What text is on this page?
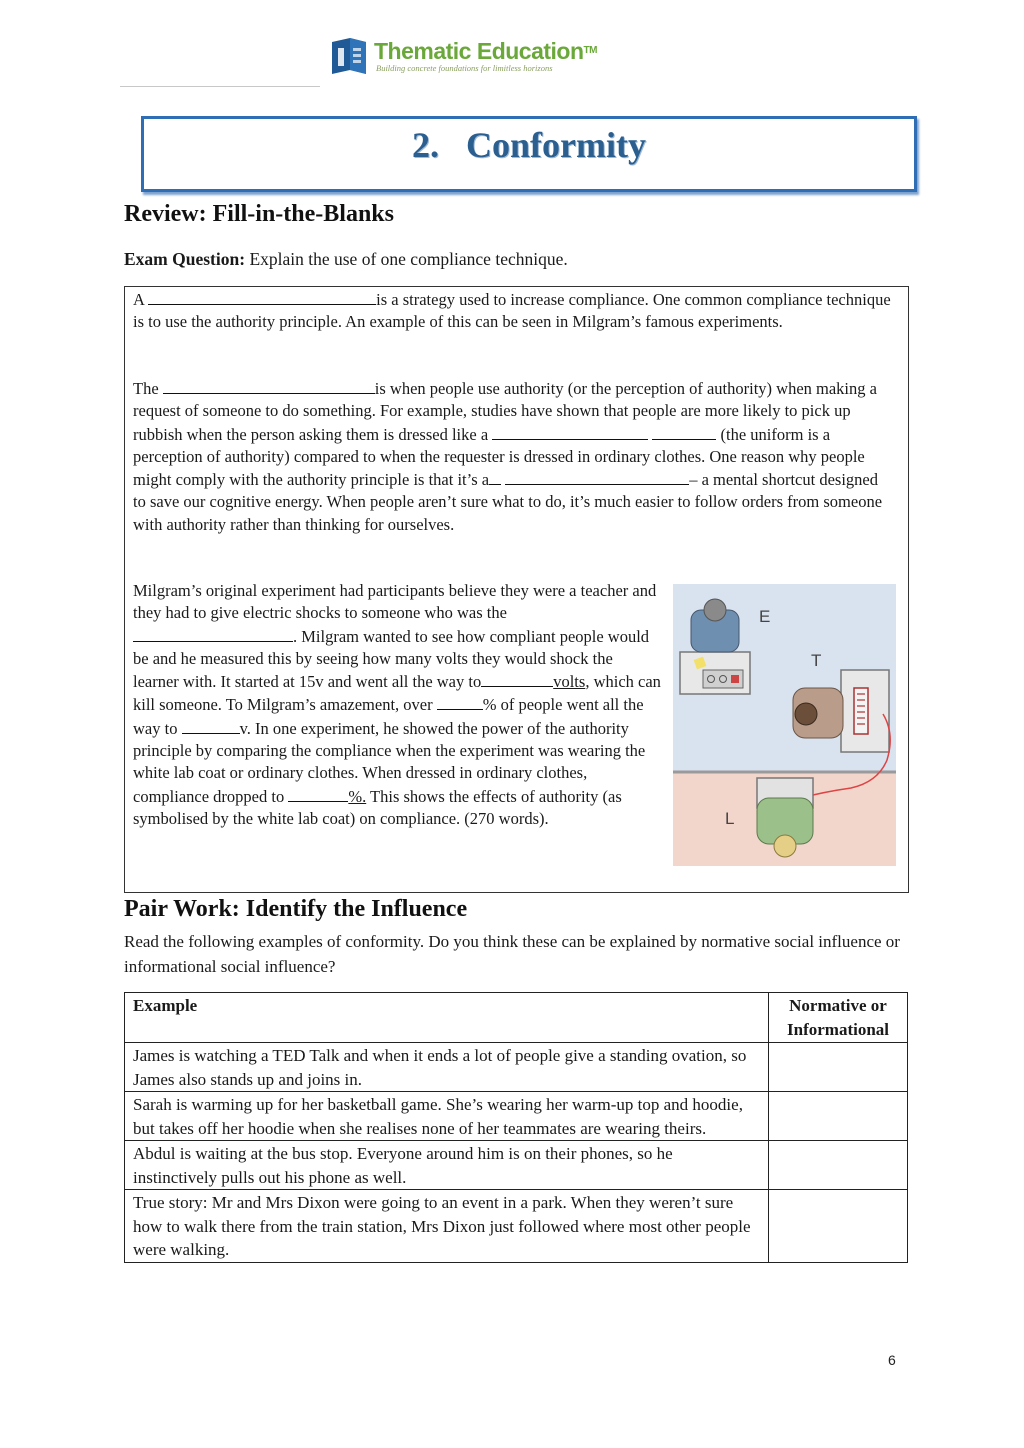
Thematic Education™
Building concrete foundations for limitless horizons
2.   Conformity
Review: Fill-in-the-Blanks
Exam Question: Explain the use of one compliance technique.
A	is a strategy used to increase compliance. One common compliance technique is to use the authority principle. An example of this can be seen in Milgram’s famous experiments.
The	is when people use authority (or the perception of authority) when making a request of someone to do something. For example, studies have shown that people are more likely to pick up rubbish when the person asking them is dressed like a	(the uniform is a perception of authority) compared to when the requester is dressed in ordinary clothes. One reason why people might comply with the authority principle is that it’s a	– a mental shortcut designed to save our cognitive energy. When people aren’t sure what to do, it’s much easier to follow orders from someone with authority rather than thinking for ourselves.
Milgram’s original experiment had participants believe they were a teacher and they had to give electric shocks to someone who was the. Milgram wanted to see how compliant people would be and he measured this by seeing how many volts they would shock the learner with. It started at 15v and went all the way to	volts, which can kill someone. To Milgram’s amazement, over	% of people went all the way to	v. In one experiment, he showed the power of the authority principle by comparing the compliance when the experiment was wearing the white lab coat or ordinary clothes. When dressed in ordinary clothes, compliance dropped to	%. This shows the effects of authority (as symbolised by the white lab coat) on compliance. (270 words).
E
T
L
Pair Work: Identify the Influence
Read the following examples of conformity. Do you think these can be explained by normative social influence or informational social influence?
Example	Normative or Informational
James is watching a TED Talk and when it ends a lot of people give a standing ovation, so James also stands up and joins in.	
Sarah is warming up for her basketball game. She’s wearing her warm-up top and hoodie, but takes off her hoodie when she realises none of her teammates are wearing theirs.	
Abdul is waiting at the bus stop. Everyone around him is on their phones, so he instinctively pulls out his phone as well.	
True story: Mr and Mrs Dixon were going to an event in a park. When they weren’t sure how to walk there from the train station, Mrs Dixon just followed where most other people were walking.	
6
